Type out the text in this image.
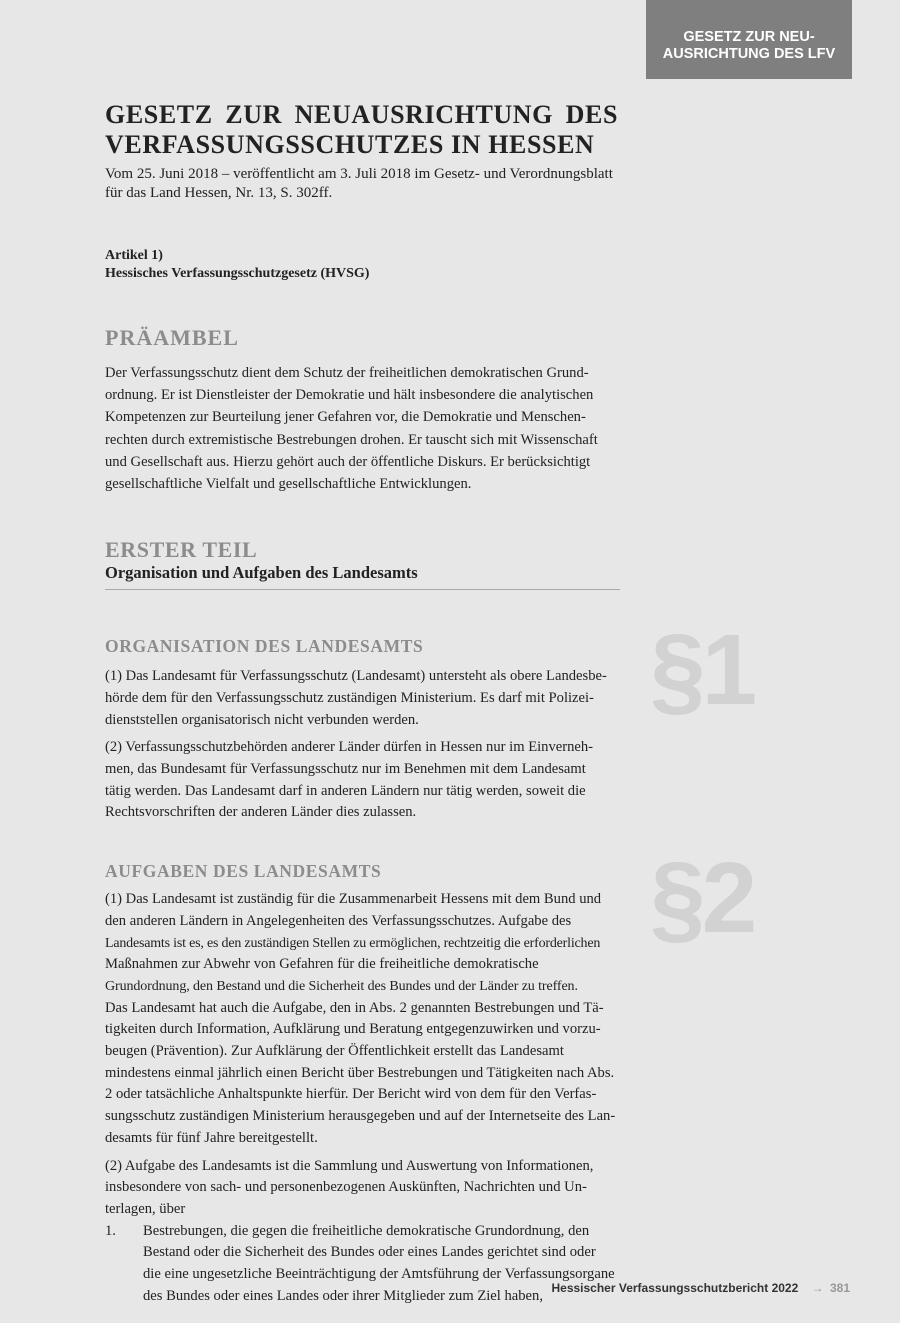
GESETZ ZUR NEU-
AUSRICHTUNG DES LFV
GESETZ ZUR NEUAUSRICHTUNG DES VERFASSUNGSSCHUTZES IN HESSEN
Vom 25. Juni 2018 – veröffentlicht am 3. Juli 2018 im Gesetz- und Verordnungsblatt
für das Land Hessen, Nr. 13, S. 302ff.
Artikel 1)
Hessisches Verfassungsschutzgesetz (HVSG)
PRÄAMBEL
Der Verfassungsschutz dient dem Schutz der freiheitlichen demokratischen Grund-
ordnung. Er ist Dienstleister der Demokratie und hält insbesondere die analytischen
Kompetenzen zur Beurteilung jener Gefahren vor, die Demokratie und Menschen-
rechten durch extremistische Bestrebungen drohen. Er tauscht sich mit Wissenschaft
und Gesellschaft aus. Hierzu gehört auch der öffentliche Diskurs. Er berücksichtigt
gesellschaftliche Vielfalt und gesellschaftliche Entwicklungen.
ERSTER TEIL
Organisation und Aufgaben des Landesamts
ORGANISATION DES LANDESAMTS
(1) Das Landesamt für Verfassungsschutz (Landesamt) untersteht als obere Landesbe-
hörde dem für den Verfassungsschutz zuständigen Ministerium. Es darf mit Polizei-
dienststellen organisatorisch nicht verbunden werden.
(2) Verfassungsschutzbehörden anderer Länder dürfen in Hessen nur im Einverneh-
men, das Bundesamt für Verfassungsschutz nur im Benehmen mit dem Landesamt
tätig werden. Das Landesamt darf in anderen Ländern nur tätig werden, soweit die
Rechtsvorschriften der anderen Länder dies zulassen.
AUFGABEN DES LANDESAMTS
(1) Das Landesamt ist zuständig für die Zusammenarbeit Hessens mit dem Bund und
den anderen Ländern in Angelegenheiten des Verfassungsschutzes. Aufgabe des
Landesamts ist es, es den zuständigen Stellen zu ermöglichen, rechtzeitig die erforderlichen
Maßnahmen zur Abwehr von Gefahren für die freiheitliche demokratische
Grundordnung, den Bestand und die Sicherheit des Bundes und der Länder zu treffen.
Das Landesamt hat auch die Aufgabe, den in Abs. 2 genannten Bestrebungen und Tä-
tigkeiten durch Information, Aufklärung und Beratung entgegenzuwirken und vorzu-
beugen (Prävention). Zur Aufklärung der Öffentlichkeit erstellt das Landesamt
mindestens einmal jährlich einen Bericht über Bestrebungen und Tätigkeiten nach Abs.
2 oder tatsächliche Anhaltspunkte hierfür. Der Bericht wird von dem für den Verfas-
sungsschutz zuständigen Ministerium herausgegeben und auf der Internetseite des Lan-
desamts für fünf Jahre bereitgestellt.
(2) Aufgabe des Landesamts ist die Sammlung und Auswertung von Informationen,
insbesondere von sach- und personenbezogenen Auskünften, Nachrichten und Un-
terlagen, über
1.	Bestrebungen, die gegen die freiheitliche demokratische Grundordnung, den
Bestand oder die Sicherheit des Bundes oder eines Landes gerichtet sind oder
die eine ungesetzliche Beeinträchtigung der Amtsführung der Verfassungsorgane
des Bundes oder eines Landes oder ihrer Mitglieder zum Ziel haben,
§1
§2
Hessischer Verfassungsschutzbericht 2022 → 381
